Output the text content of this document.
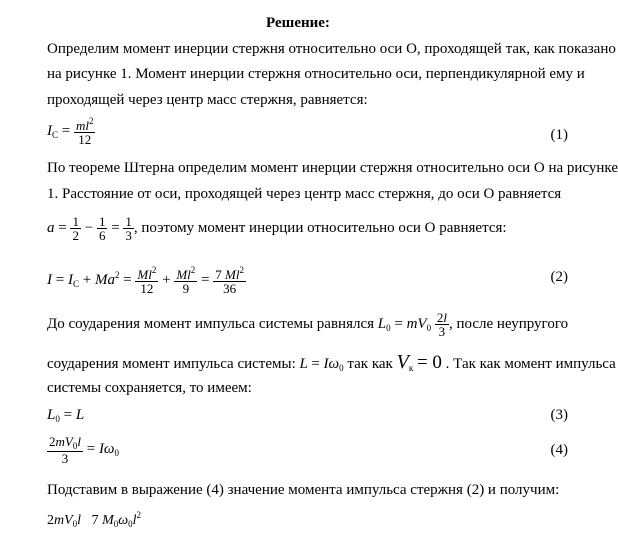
Решение:
Определим момент инерции стержня относительно оси О, проходящей так, как показано
на рисунке 1. Момент инерции стержня относительно оси, перпендикулярной ему и
проходящей через центр масс стержня, равняется:
$I_C = \frac{ml^2}{12}$	(1)
По теореме Штерна определим момент инерции стержня относительно оси О на рисунке
1. Расстояние от оси, проходящей через центр масс стержня, до оси О равняется
$a = \frac{1}{2} - \frac{1}{6} = \frac{1}{3}$ , поэтому момент инерции относительно оси О равняется:
$I = I_C + Ma^2 = \frac{Ml^2}{12} + \frac{Ml^2}{9} = \frac{7 Ml^2}{36}$	(2)
До соударения момент импульса системы равнялся $L_0 = mV_0 \frac{2l}{3}$ , после неупругого
соударения момент импульса системы: $L = I\omega_0$ так как $V_к = 0$ . Так как момент импульса
системы сохраняется, то имеем:
$L_0 = L$	(3)
$\frac{2mV_0l}{3} = I\omega_0$	(4)
Подставим в выражение (4) значение момента импульса стержня (2) и получим:
$2mV_0l$   7 $M_0\omega_0l^2$
